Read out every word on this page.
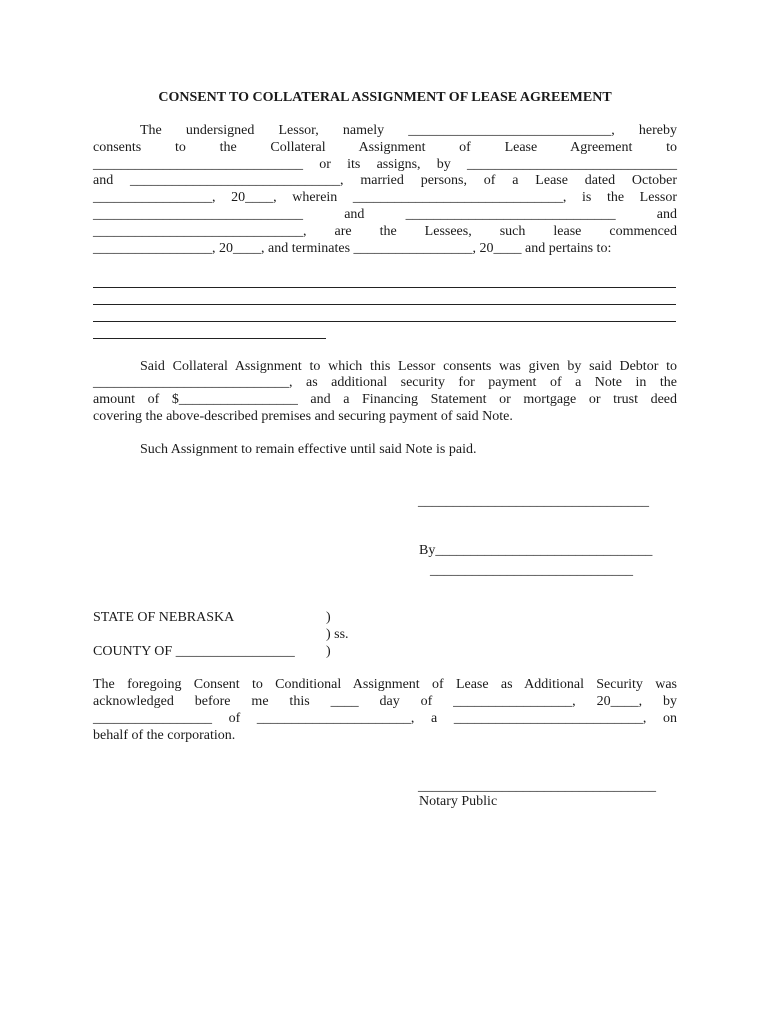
CONSENT TO COLLATERAL ASSIGNMENT OF LEASE AGREEMENT
The undersigned Lessor, namely _____________________________, hereby
consents to the Collateral Assignment of Lease Agreement to
______________________________ or its assigns, by ______________________________
and ______________________________, married persons, of a Lease dated October
_________________, 20____, wherein ______________________________, is the Lessor
______________________________ and ______________________________ and
______________________________, are the Lessees, such lease commenced
_________________, 20____, and terminates _________________, 20____ and pertains to:
Said Collateral Assignment to which this Lessor consents was given by said Debtor to
____________________________, as additional security for payment of a Note in the
amount of $_________________ and a Financing Statement or mortgage or trust deed
covering the above-described premises and securing payment of said Note.
Such Assignment to remain effective until said Note is paid.
_________________________________
By_______________________________
_____________________________
STATE OF NEBRASKA	)
) ss.
COUNTY OF _________________ )
The foregoing Consent to Conditional Assignment of Lease as Additional Security was
acknowledged before me this ____ day of _________________, 20____, by
_________________ of ______________________, a ___________________________, on
behalf of the corporation.
__________________________________
Notary Public
